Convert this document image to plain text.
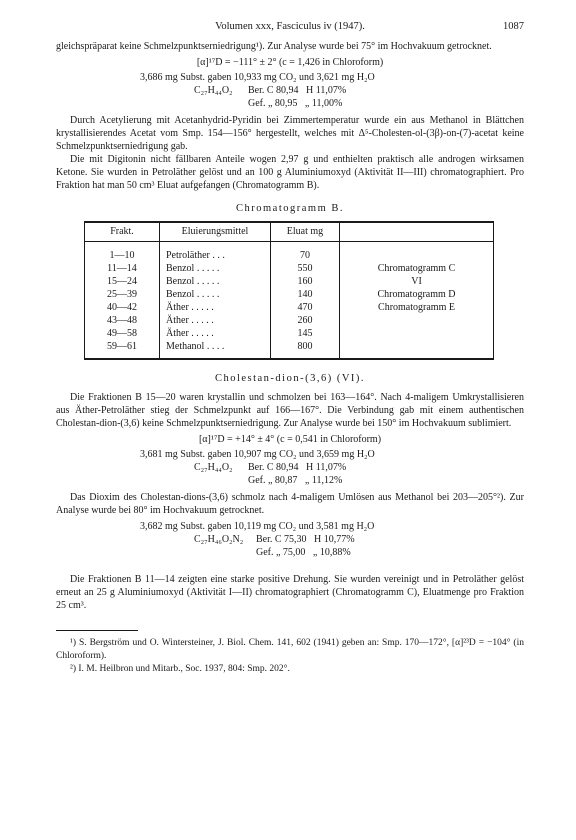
Volumen xxx, Fasciculus iv (1947).	1087

gleichspräparat keine Schmelzpunktserniedrigung¹). Zur Analyse wurde bei 75° im Hochvakuum getrocknet.

[α]¹⁷D = −111° ± 2° (c = 1,426 in Chloroform)

3,686 mg Subst. gaben 10,933 mg CO₂ und 3,621 mg H₂O
C₂₇H₄₄O₂	Ber. C 80,94   H 11,07%
Gef. „ 80,95   „ 11,00%

Durch Acetylierung mit Acetanhydrid-Pyridin bei Zimmertemperatur wurde ein aus Methanol in Blättchen krystallisierendes Acetat vom Smp. 154—156° hergestellt, welches mit Δ⁵-Cholesten-ol-(3β)-on-(7)-acetat keine Schmelzpunktserniedrigung gab.

Die mit Digitonin nicht fällbaren Anteile wogen 2,97 g und enthielten praktisch alle androgen wirksamen Ketone. Sie wurden in Petroläther gelöst und an 100 g Aluminiumoxyd (Aktivität II—III) chromatographiert. Pro Fraktion hat man 50 cm³ Eluat aufgefangen (Chromatogramm B).

Chromatogramm B.
Frakt.	Eluierungsmittel	Eluat mg	
1—10	Petroläther . . .	70	
11—14	Benzol . . . . .	550	Chromatogramm C
15—24	Benzol . . . . .	160	VI
25—39	Benzol . . . . .	140	Chromatogramm D
40—42	Äther . . . . .	470	Chromatogramm E
43—48	Äther . . . . .	260	
49—58	Äther . . . . .	145	
59—61	Methanol . . . .	800	
Cholestan-dion-(3,6) (VI).

Die Fraktionen B 15—20 waren krystallin und schmolzen bei 163—164°. Nach 4-maligem Umkrystallisieren aus Äther-Petroläther stieg der Schmelzpunkt auf 166—167°. Die Verbindung gab mit einem authentischen Cholestan-dion-(3,6) keine Schmelzpunktserniedrigung. Zur Analyse wurde bei 150° im Hochvakuum sublimiert.

[α]¹⁷D = +14° ± 4° (c = 0,541 in Chloroform)

3,681 mg Subst. gaben 10,907 mg CO₂ und 3,659 mg H₂O
C₂₇H₄₄O₂	Ber. C 80,94   H 11,07%
Gef. „ 80,87   „ 11,12%

Das Dioxim des Cholestan-dions-(3,6) schmolz nach 4-maligem Umlösen aus Methanol bei 203—205°²). Zur Analyse wurde bei 80° im Hochvakuum getrocknet.

3,682 mg Subst. gaben 10,119 mg CO₂ und 3,581 mg H₂O
C₂₇H₄₆O₂N₂	Ber. C 75,30   H 10,77%
Gef. „ 75,00   „ 10,88%

Die Fraktionen B 11—14 zeigten eine starke positive Drehung. Sie wurden vereinigt und in Petroläther gelöst erneut an 25 g Aluminiumoxyd (Aktivität I—II) chromatographiert (Chromatogramm C), Eluatmenge pro Fraktion 25 cm³.

¹) S. Bergström und O. Wintersteiner, J. Biol. Chem. 141, 602 (1941) geben an: Smp. 170—172°, [α]²³D = −104° (in Chloroform).

²) I. M. Heilbron und Mitarb., Soc. 1937, 804: Smp. 202°.
